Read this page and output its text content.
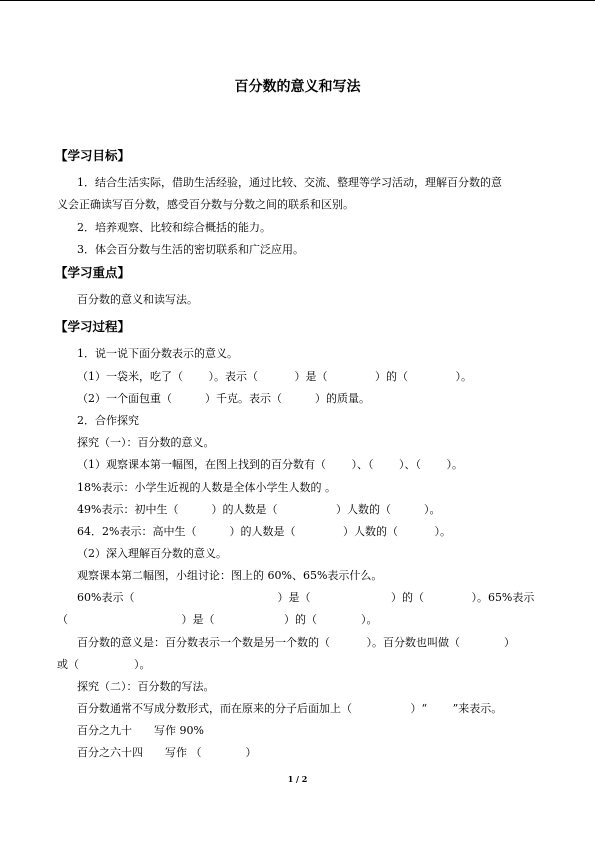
百分数的意义和写法
【学习目标】
1．结合生活实际，借助生活经验，通过比较、交流、整理等学习活动，理解百分数的意
义会正确读写百分数，感受百分数与分数之间的联系和区别。
2．培养观察、比较和综合概括的能力。
3．体会百分数与生活的密切联系和广泛应用。
【学习重点】
百分数的意义和读写法。
【学习过程】
1．说一说下面分数表示的意义。
（1）一袋米，吃了（　　 ）。表示（　　　 ）是（　　　　 ）的（　　　　 ）。
（2）一个面包重（　　　）千克。表示（　　　）的质量。
2．合作探究
探究（一）：百分数的意义。
（1）观察课本第一幅图，在图上找到的百分数有（　　 ）、（　　 ）、（　　 ）。
18%表示：小学生近视的人数是全体小学生人数的 。
49%表示：初中生（　　　）的人数是（　　　　　 ）人数的（　　　）。
64．2%表示：高中生（　　　）的人数是（　　　　 ）人数的（　　　 ）。
（2）深入理解百分数的意义。
观察课本第二幅图，小组讨论：图上的 60%、65%表示什么。
60%表示（　　　　　　　　　　　　　）是（　　　　　　　 ）的（　　　　 ）。65%表示
（　　　　　　　　　　 ）是（　　　　　　 ）的（　　　　）。
百分数的意义是：百分数表示一个数是另一个数的（　　　 ）。百分数也叫做（　　　　）
或（　　　　　）。
探究（二）：百分数的写法。
百分数通常不写成分数形式，而在原来的分子后面加上（　　　　　 ）“　　 ”来表示。
百分之九十　　写作 90%
百分之六十四　　写作 （　　　　）
1 / 2
